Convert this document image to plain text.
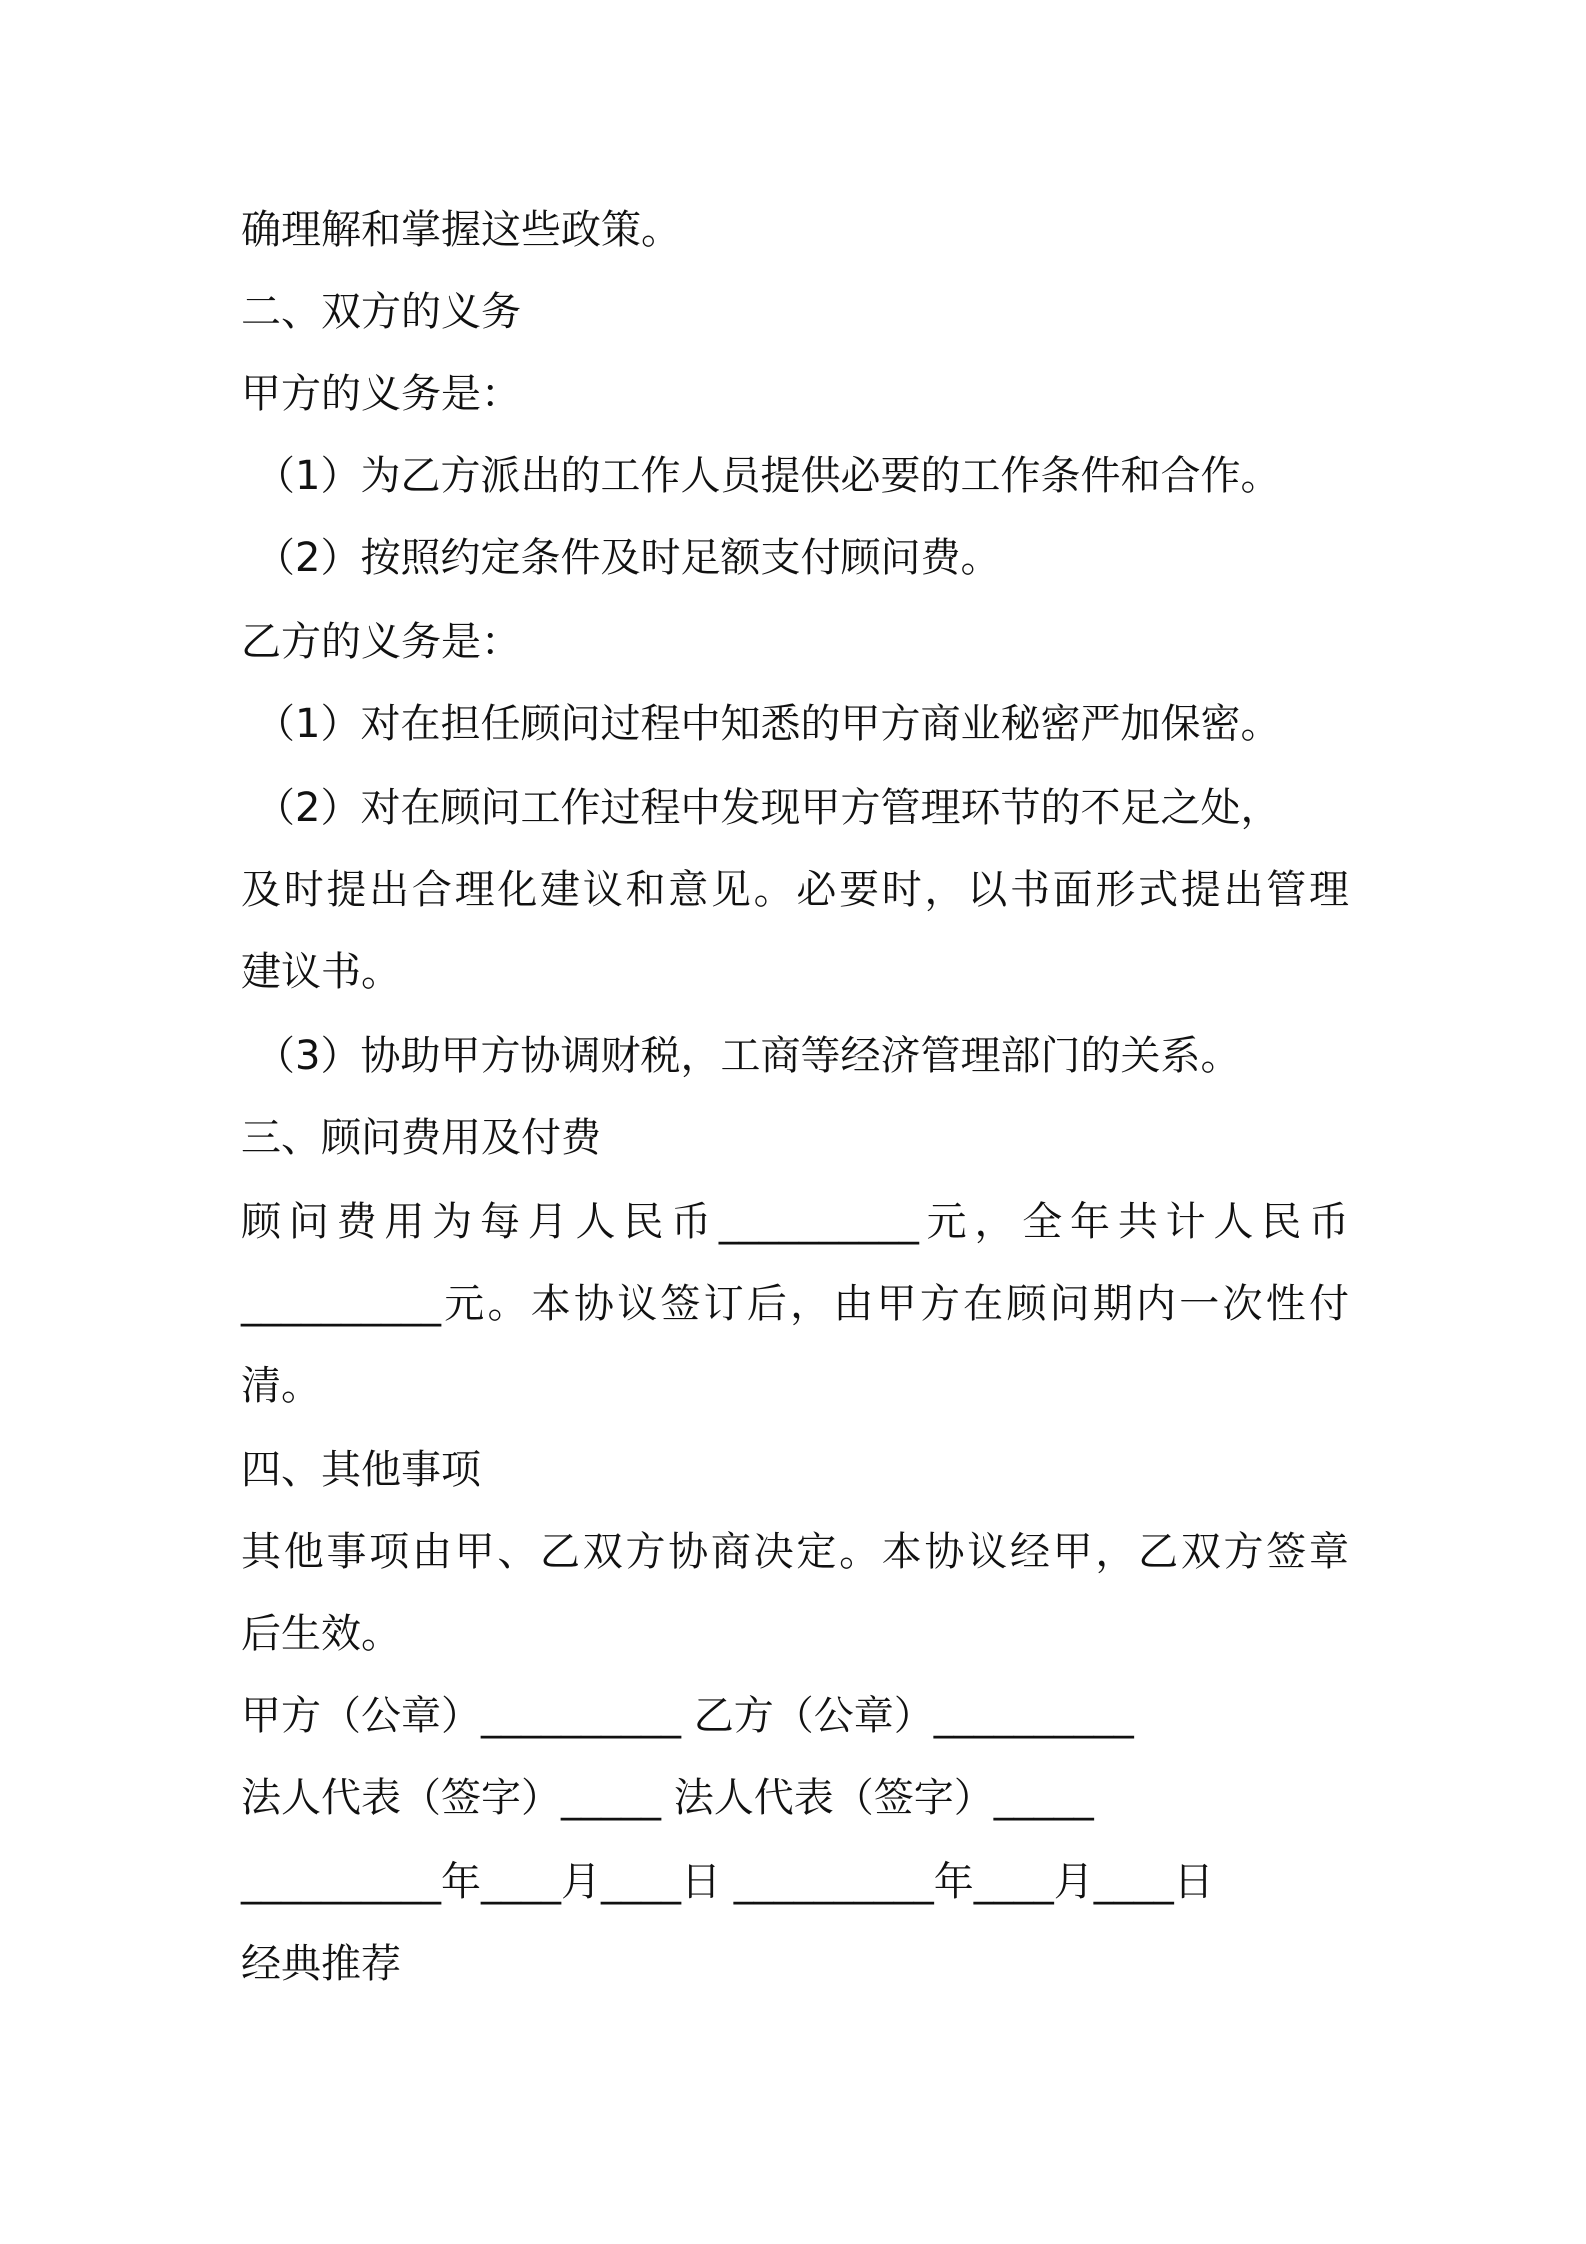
确理解和掌握这些政策。
二、双方的义务
甲方的义务是：
（1）为乙方派出的工作人员提供必要的工作条件和合作。
（2）按照约定条件及时足额支付顾问费。
乙方的义务是：
（1）对在担任顾问过程中知悉的甲方商业秘密严加保密。
（2）对在顾问工作过程中发现甲方管理环节的不足之处，
及时提出合理化建议和意见。必要时，以书面形式提出管理
建议书。
（3）协助甲方协调财税，工商等经济管理部门的关系。
三、顾问费用及付费
顾问费用为每月人民币__________元，全年共计人民币
__________元。本协议签订后，由甲方在顾问期内一次性付
清。
四、其他事项
其他事项由甲、乙双方协商决定。本协议经甲，乙双方签章
后生效。
甲方（公章）__________ 乙方（公章）__________
法人代表（签字）_____ 法人代表（签字）_____
__________年____月____日 __________年____月____日
经典推荐
